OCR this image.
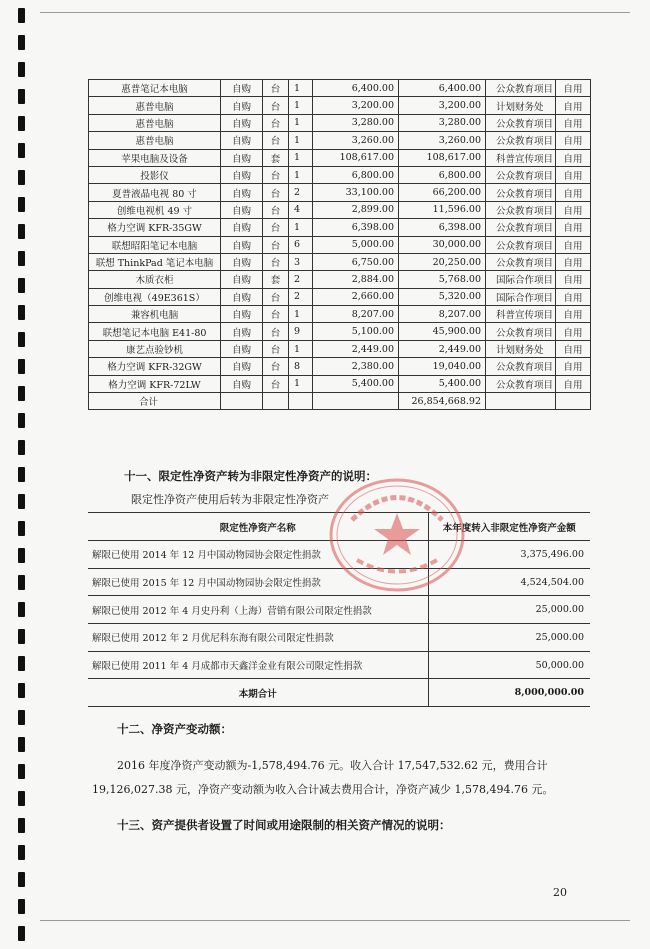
惠普笔记本电脑	自购	台	1	6,400.00	6,400.00	公众教育项目	自用
惠普电脑	自购	台	1	3,200.00	3,200.00	计划财务处	自用
惠普电脑	自购	台	1	3,280.00	3,280.00	公众教育项目	自用
惠普电脑	自购	台	1	3,260.00	3,260.00	公众教育项目	自用
苹果电脑及设备	自购	套	1	108,617.00	108,617.00	科普宣传项目	自用
投影仪	自购	台	1	6,800.00	6,800.00	公众教育项目	自用
夏普液晶电视 80 寸	自购	台	2	33,100.00	66,200.00	公众教育项目	自用
创维电视机 49 寸	自购	台	4	2,899.00	11,596.00	公众教育项目	自用
格力空调 KFR-35GW	自购	台	1	6,398.00	6,398.00	公众教育项目	自用
联想昭阳笔记本电脑	自购	台	6	5,000.00	30,000.00	公众教育项目	自用
联想 ThinkPad 笔记本电脑	自购	台	3	6,750.00	20,250.00	公众教育项目	自用
木质衣柜	自购	套	2	2,884.00	5,768.00	国际合作项目	自用
创维电视（49E361S）	自购	台	2	2,660.00	5,320.00	国际合作项目	自用
兼容机电脑	自购	台	1	8,207.00	8,207.00	科普宣传项目	自用
联想笔记本电脑 E41-80	自购	台	9	5,100.00	45,900.00	公众教育项目	自用
康艺点验钞机	自购	台	1	2,449.00	2,449.00	计划财务处	自用
格力空调 KFR-32GW	自购	台	8	2,380.00	19,040.00	公众教育项目	自用
格力空调 KFR-72LW	自购	台	1	5,400.00	5,400.00	公众教育项目	自用
合计					26,854,668.92		
十一、限定性净资产转为非限定性净资产的说明：
限定性净资产使用后转为非限定性净资产
限定性净资产名称	本年度转入非限定性净资产金额
解限已使用 2014 年 12 月中国动物园协会限定性捐款	3,375,496.00
解限已使用 2015 年 12 月中国动物园协会限定性捐款	4,524,504.00
解限已使用 2012 年 4 月史丹利（上海）营销有限公司限定性捐款	25,000.00
解限已使用 2012 年 2 月优尼科东海有限公司限定性捐款	25,000.00
解限已使用 2011 年 4 月成都市天鑫洋金业有限公司限定性捐款	50,000.00
本期合计	8,000,000.00
十二、净资产变动额：
2016 年度净资产变动额为-1,578,494.76 元。收入合计 17,547,532.62 元，费用合计
19,126,027.38 元，净资产变动额为收入合计减去费用合计，净资产减少 1,578,494.76 元。
十三、资产提供者设置了时间或用途限制的相关资产情况的说明：
20
